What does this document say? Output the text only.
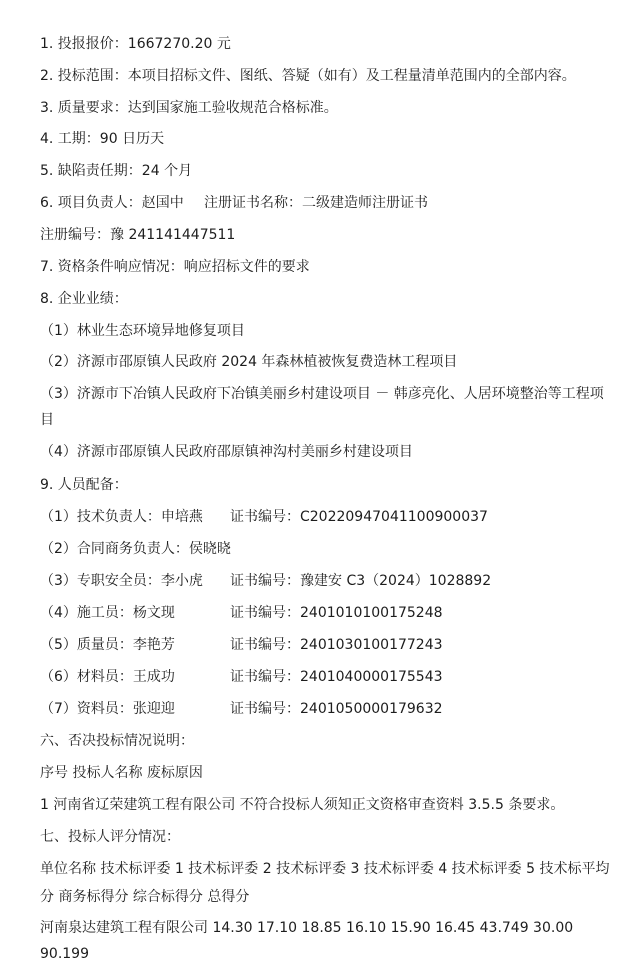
1. 投报报价：1667270.20 元
2. 投标范围：本项目招标文件、图纸、答疑（如有）及工程量清单范围内的全部内容。
3. 质量要求：达到国家施工验收规范合格标准。
4. 工期：90 日历天
5. 缺陷责任期：24 个月
6. 项目负责人：赵国中 注册证书名称：二级建造师注册证书
注册编号：豫 241141447511
7. 资格条件响应情况：响应招标文件的要求
8. 企业业绩：
（1）林业生态环境异地修复项目
（2）济源市邵原镇人民政府 2024 年森林植被恢复费造林工程项目
（3）济源市下冶镇人民政府下冶镇美丽乡村建设项目 － 韩彦亮化、人居环境整治等工程项
目
（4）济源市邵原镇人民政府邵原镇神沟村美丽乡村建设项目
9. 人员配备：
（1）技术负责人：申培燕 证书编号：C2022094704110090003​7
（2）合同商务负责人：侯晓晓
（3）专职安全员：李小虎 证书编号：豫建安 C3（2024）1028892
（4）施工员：杨文现	证书编号：2401010100175248
（5）质量员：李艳芳	证书编号：2401030100177243
（6）材料员：王成功	证书编号：2401040000175543
（7）资料员：张迎迎	证书编号：2401050000179632
六、否决投标情况说明：
序号 投标人名称 废标原因
1 河南省辽荣建筑工程有限公司 不符合投标人须知正文资格审查资料 3.5.5 条要求。
七、投标人评分情况：
单位名称 技术标评委 1 技术标评委 2 技术标评委 3 技术标评委 4 技术标评委 5 技术标平均
分 商务标得分 综合标得分 总得分
河南泉达建筑工程有限公司 14.30 17.10 18.85 16.10 15.90 16.45 43.749 30.00
90.199
